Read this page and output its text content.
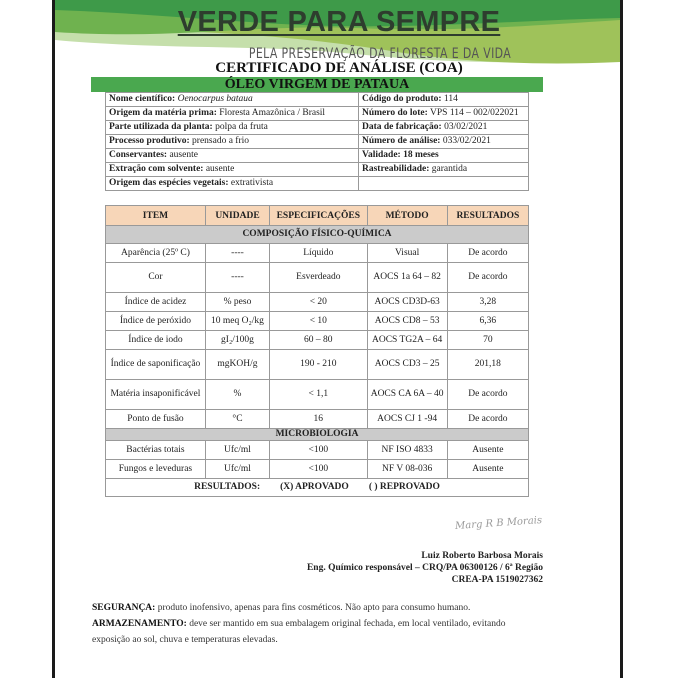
VERDE PARA SEMPRE
PELA PRESERVAÇÃO DA FLORESTA E DA VIDA
CERTIFICADO DE ANÁLISE (COA)
ÓLEO VIRGEM DE PATAUA
Nome científico: Oenocarpus bataua	Código do produto: 114
Origem da matéria prima: Floresta Amazônica / Brasil	Número do lote: VPS 114 – 002/022021
Parte utilizada da planta: polpa da fruta	Data de fabricação: 03/02/2021
Processo produtivo: prensado a frio	Número de análise: 033/02/2021
Conservantes: ausente	Validade: 18 meses
Extração com solvente: ausente	Rastreabilidade: garantida
Origem das espécies vegetais: extrativista	
ITEM	UNIDADE	ESPECIFICAÇÕES	MÉTODO	RESULTADOS
COMPOSIÇÃO FÍSICO-QUÍMICA				
Aparência (25º C)	----	Líquido	Visual	De acordo
Cor	----	Esverdeado	AOCS 1a 64 – 82	De acordo
Índice de acidez	% peso	< 20	AOCS CD3D-63	3,28
Índice de peróxido	10 meq O₂/kg	< 10	AOCS CD8 – 53	6,36
Índice de iodo	gI₂/100g	60 – 80	AOCS TG2A – 64	70
Índice de saponificação	mgKOH/g	190 - 210	AOCS CD3 – 25	201,18
Matéria insaponificável	%	< 1,1	AOCS CA 6A – 40	De acordo
Ponto de fusão	°C	16	AOCS CJ 1 -94	De acordo
MICROBIOLOGIA				
Bactérias totais	Ufc/ml	<100	NF ISO 4833	Ausente
Fungos e leveduras	Ufc/ml	<100	NF V 08-036	Ausente
RESULTADOS: (X) APROVADO ( ) REPROVADO				
Marg R B Morais
Luiz Roberto Barbosa Morais
Eng. Químico responsável – CRQ/PA 06300126 / 6ª Região
CREA-PA 1519027362
SEGURANÇA: produto inofensivo, apenas para fins cosméticos. Não apto para consumo humano.
ARMAZENAMENTO: deve ser mantido em sua embalagem original fechada, em local ventilado, evitando exposição ao sol, chuva e temperaturas elevadas.
